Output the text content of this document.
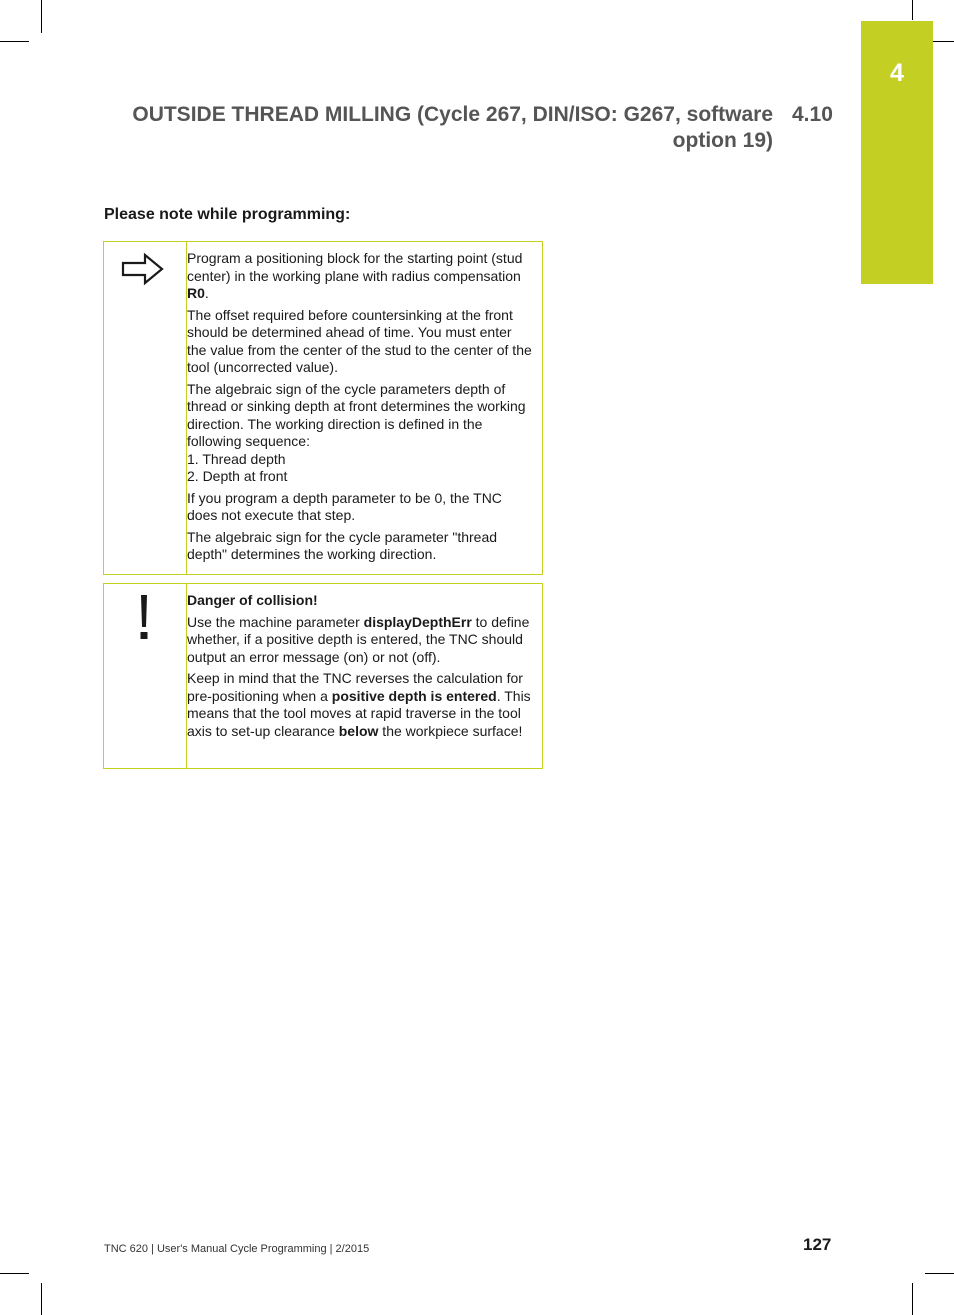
4
OUTSIDE THREAD MILLING (Cycle 267, DIN/ISO: G267, software
option 19)
4.10
Please note while programming:

Program a positioning block for the starting point (stud center) in the working plane with radius compensation R0.

The offset required before countersinking at the front should be determined ahead of time. You must enter the value from the center of the stud to the center of the tool (uncorrected value).

The algebraic sign of the cycle parameters depth of thread or sinking depth at front determines the working direction. The working direction is defined in the following sequence:
1. Thread depth
2. Depth at front

If you program a depth parameter to be 0, the TNC does not execute that step.

The algebraic sign for the cycle parameter "thread depth" determines the working direction.

Danger of collision!

Use the machine parameter displayDepthErr to define whether, if a positive depth is entered, the TNC should output an error message (on) or not (off).

Keep in mind that the TNC reverses the calculation for pre-positioning when a positive depth is entered. This means that the tool moves at rapid traverse in the tool axis to set-up clearance below the workpiece surface!

TNC 620 | User's Manual Cycle Programming | 2/2015	127
